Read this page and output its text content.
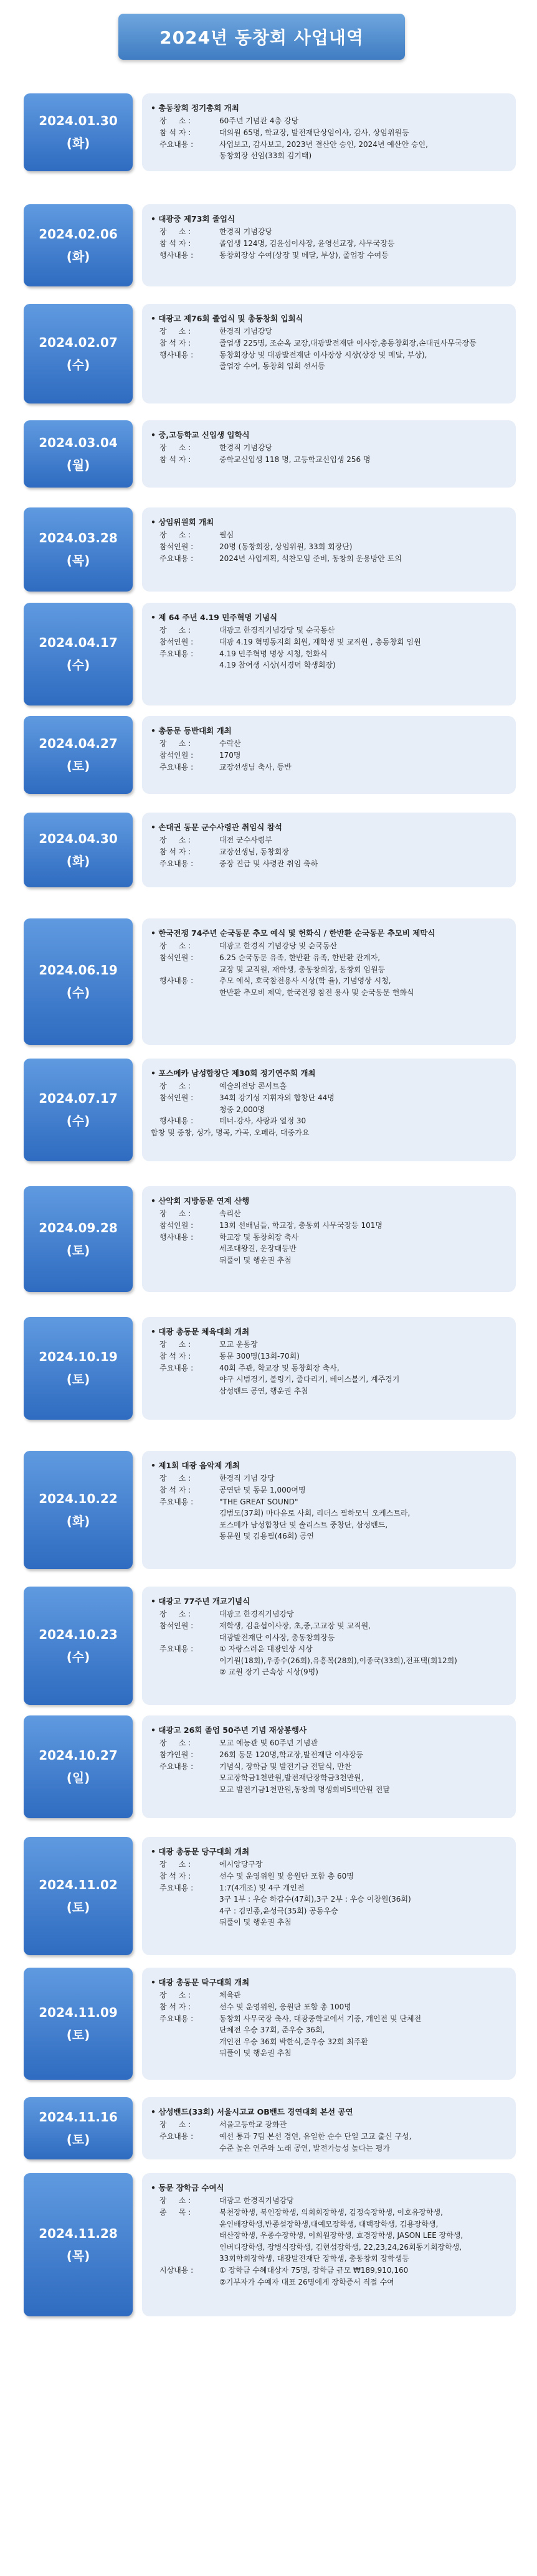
2024년 동창회 사업내역
2024.01.30
(화)
• 총동창회 정기총회 개최
장     소 :	60주년 기념관 4층 강당
참 석 자 :	대의원 65명, 학교장, 발전재단상임이사, 감사, 상임위원등
주요내용 :	사업보고, 감사보고, 2023년 결산안 승인, 2024년 예산안 승인,
동창회장 선임(33회 김기태)
2024.02.06
(화)
• 대광중 제73회 졸업식
장     소 :	한경직 기념강당
참 석 자 :	졸업생 124명, 김윤섭이사장, 윤영선교장, 사무국장등
행사내용 :	동창회장상 수여(상장 및 메달, 부상), 졸업장 수여등
2024.02.07
(수)
• 대광고 제76회 졸업식 및 총동창회 입회식
장     소 :	한경직 기념강당
참 석 자 :	졸업생 225명, 조순옥 교장,대광발전재단 이사장,총동창회장,손대권사무국장등
행사내용 :	동창회장상 및 대광발전재단 이사장상 시상(상장 및 메달, 부상),
졸업장 수여, 동창회 입회 선서등
2024.03.04
(월)
• 중,고등학교 신입생 입학식
장     소 :	한경직 기념강당
참 석 자 :	중학교신입생 118 명, 고등학교신입생 256 명
2024.03.28
(목)
• 상임위원회 개최
장     소 :	필심
참석인원 :	20명 (동창회장, 상임위원, 33회 회장단)
주요내용 :	2024년 사업계획, 석찬모임 준비, 동창회 운용방안 토의
2024.04.17
(수)
• 제 64 주년 4.19 민주혁명 기념식
장     소 :	대광고 한경직기념강당 및 순국동산
참석인원 :	대광 4.19 혁명동지회 회원, 재학생 및 교직원 , 총동창회 임원
주요내용 :	4.19 민주혁명 명상 시청, 헌화식
4.19 참여생 시상(서경덕 학생회장)
2024.04.27
(토)
• 총동문 등반대회 개최
장     소 :	수락산
참석인원 :	170명
주요내용 :	교장선생님 축사, 등반
2024.04.30
(화)
• 손대권 동문 군수사령관 취임식 참석
장     소 :	대전 군수사령부
참 석 자 :	교장선생님, 동창회장
주요내용 :	중장 진급 및 사령관 취임 축하
2024.06.19
(수)
• 한국전쟁 74주년 순국동문 추모 예식 및 헌화식 / 한반환 순국동문 추모비 제막식
장     소 :	대광고 한경직 기념강당 및 순국동산
참석인원 :	6.25 순국동문 유족, 한반환 유족, 한반환 관계자,
교장 및 교직원, 재학생, 총동창회장, 동창회 임원등
행사내용 :	추모 예식, 호국참전용사 시상(학 율), 기념영상 시청,
한반환 추모비 제막, 한국전쟁 참전 용사 및 순국동문 헌화식
2024.07.17
(수)
• 포스메카 남성합창단 제30회 정기연주회 개최
장     소 :	예술의전당 콘서트홀
참석인원 :	34회 강기성 지휘자외 합창단 44명
청중 2,000명
행사내용 :	테너-강사, 사랑과 열정 30
합창 및 중창, 성가, 명곡, 가곡, 오페라, 대중가요
2024.09.28
(토)
• 산악회 지방동문 연계 산행
장     소 :	속리산
참석인원 :	13회 선배님들, 학교장, 총동회 사무국장등 101명
행사내용 :	학교장 및 동창회장 축사
세조대왕길, 운장대등반
뒤풀이 및 행운권 추첨
2024.10.19
(토)
• 대광 총동문 체육대회 개최
장     소 :	모교 운동장
참 석 자 :	동문 300명(13회-70회)
주요내용 :	40회 주관, 학교장 및 동창회장 축사,
야구 시범경기, 볼링기, 줄다리기, 베이스볼기, 계주경기
삼성밴드 공연, 행운권 추첨
2024.10.22
(화)
• 제1회 대광 음악제 개최
장     소 :	한경직 기념 강당
참 석 자 :	공연단 및 동문 1,000여명
주요내용 :	"THE GREAT SOUND"
김범도(37회) 마다유로 사회, 리더스 필하모닉 오케스트라,
포스메카 남성합창단 및 솔리스트 중창단, 삼성밴드,
동문원 및 김용필(46회) 공연
2024.10.23
(수)
• 대광고 77주년 개교기념식
장     소 :	대광고 한경직기념강당
참석인원 :	재학생, 김윤섭이사장, 초,중,고교장 및 교직원,
대광발전재단 이사장, 총동창회장등
주요내용 :	① 자랑스러운 대광인상 시상
이기원(18회),우종수(26회),유흥복(28회),이종국(33회),전표택(회12회)
② 교원 장기 근속상 시상(9명)
2024.10.27
(일)
• 대광고 26회 졸업 50주년 기념 재상봉행사
장     소 :	모교 예능관 및 60주년 기념관
참가인원 :	26회 동문 120명,학교장,발전재단 이사장등
주요내용 :	기념식, 장학금 및 발전기금 전달식, 만찬
모교장학금1천만원,발전재단장학금3천만원,
모교 발전기금1천만원,동창회 명생회비5백만원 전달
2024.11.02
(토)
• 대광 총동문 당구대회 개최
장     소 :	에시앙당구장
참 석 자 :	선수 및 운영위원 및 응원단 포함 총 60명
주요내용 :	1:7(4개조) 및 4구 개인전
3구 1부 : 우승 하갑수(47회),3구 2부 : 우승 이창원(36회)
4구 : 김민종,윤성극(35회) 공동우승
뒤풀이 및 행운권 추첨
2024.11.09
(토)
• 대광 총동문 탁구대회 개최
장     소 :	체육관
참 석 자 :	선수 및 운영위원, 응원단 포함 총 100명
주요내용 :	동창회 사무국장 축사, 대광중학교에서 기증, 개인전 및 단체전
단체전 우승 37회, 준우승 36회,
개인전 우승 36회 박한식,준우승 32회 최주환
뒤풀이 및 행운권 추첨
2024.11.16
(토)
• 삼성밴드(33회) 서울시고교 OB밴드 경연대회 본선 공연
장     소 :	서울고등학교 광화관
주요내용 :	예선 통과 7팀 본선 경연, 유일한 순수 단일 고교 출신 구성,
수준 높은 연주와 노래 공연, 발전가능성 높다는 평가
2024.11.28
(목)
• 동문 장학금 수여식
장     소 :	대광고 한경직기념강당
종     목 :	북천장학생, 북인장학생, 의회회장학생, 김정숙장학생, 이호유장학생,
윤인배장학생,반종설장학생,대예모장학생, 대백장학생, 김용장학생,
태산장학생, 우종수장학생, 이희원장학생, 효경장학생, JASON LEE 장학생,
인버디장학생, 장병식장학생, 김현섭장학생, 22,23,24,26회동기회장학생,
33회학회장학생, 대광발전재단 장학생, 총동창회 장학생등
시상내용 :	① 장학금 수혜대상자 75명, 장학금 규모 ₩189,910,160
②기부자가 수예자 대표 26명에게 장학증서 직접 수여
